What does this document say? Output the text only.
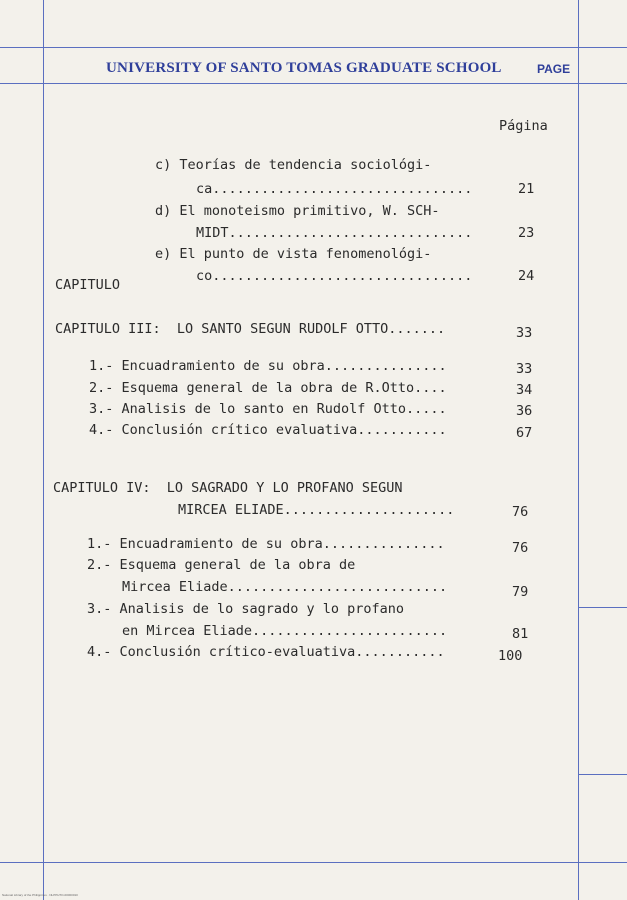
UNIVERSITY OF SANTO TOMAS GRADUATE SCHOOL	PAGE
Página
c) Teorías de tendencia sociológi-
ca................................	21
d) El monoteismo primitivo, W. SCH-
MIDT..............................	23
e) El punto de vista fenomenológi-
co................................	24
CAPITULO
CAPITULO III:  LO SANTO SEGUN RUDOLF OTTO.......	33
1.- Encuadramiento de su obra...............	33
2.- Esquema general de la obra de R.Otto....	34
3.- Analisis de lo santo en Rudolf Otto.....	36
4.- Conclusión crítico evaluativa...........	67
CAPITULO IV:  LO SAGRADO Y LO PROFANO SEGUN
MIRCEA ELIADE.....................	76
1.- Encuadramiento de su obra...............	76
2.- Esquema general de la obra de
Mircea Eliade...........................	79
3.- Analisis de lo sagrado y lo profano
en Mircea Eliade........................	81
4.- Conclusión crítico-evaluativa...........	100
National Library of the Philippines · NLPPHTO-00000010
